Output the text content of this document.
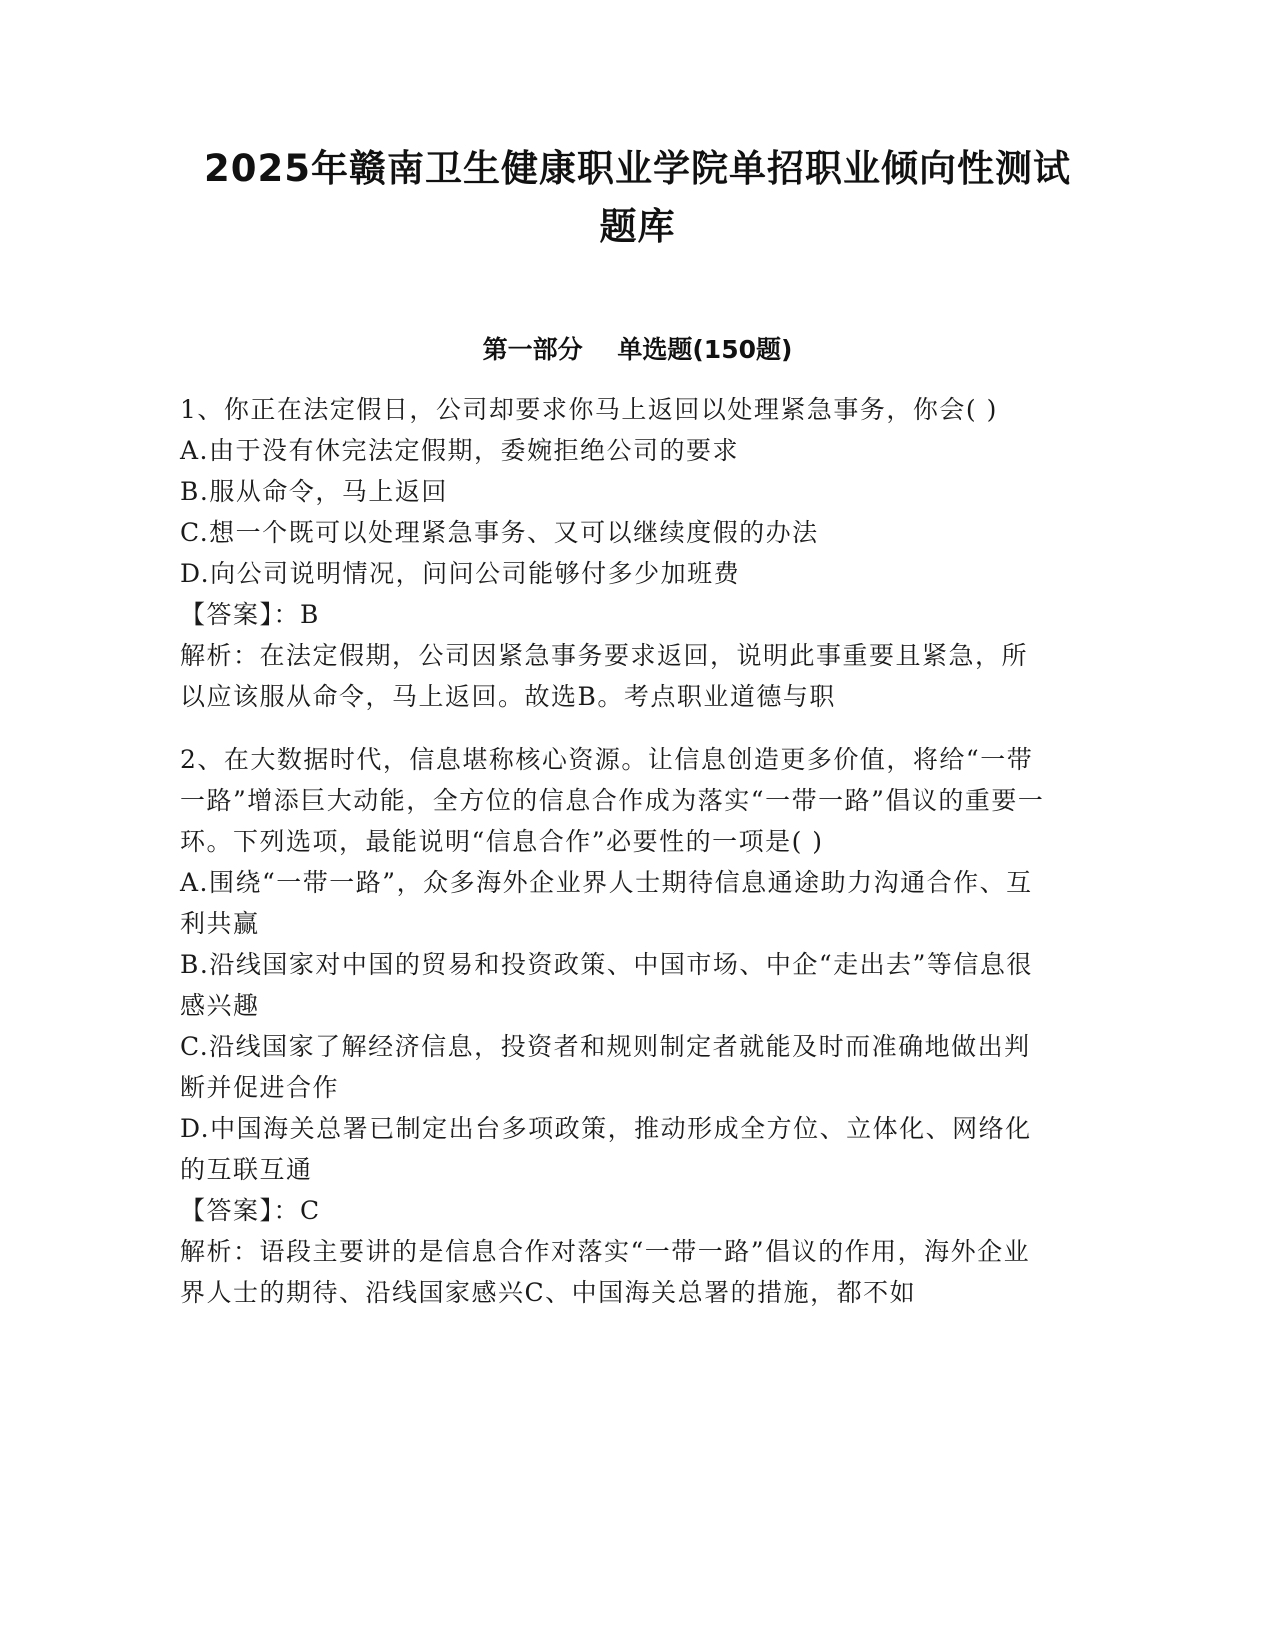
2025年赣南卫生健康职业学院单招职业倾向性测试题库
第一部分    单选题(150题)
1、你正在法定假日，公司却要求你马上返回以处理紧急事务，你会( )
A.由于没有休完法定假期，委婉拒绝公司的要求
B.服从命令，马上返回
C.想一个既可以处理紧急事务、又可以继续度假的办法
D.向公司说明情况，问问公司能够付多少加班费
【答案】：B
解析：在法定假期，公司因紧急事务要求返回，说明此事重要且紧急，所以应该服从命令，马上返回。故选B。考点职业道德与职
2、在大数据时代，信息堪称核心资源。让信息创造更多价值，将给“一带一路”增添巨大动能，全方位的信息合作成为落实“一带一路”倡议的重要一环。下列选项，最能说明“信息合作”必要性的一项是( )
A.围绕“一带一路”，众多海外企业界人士期待信息通途助力沟通合作、互利共赢
B.沿线国家对中国的贸易和投资政策、中国市场、中企“走出去”等信息很感兴趣
C.沿线国家了解经济信息，投资者和规则制定者就能及时而准确地做出判断并促进合作
D.中国海关总署已制定出台多项政策，推动形成全方位、立体化、网络化的互联互通
【答案】：C
解析：语段主要讲的是信息合作对落实“一带一路”倡议的作用，海外企业界人士的期待、沿线国家感兴C、中国海关总署的措施，都不如
